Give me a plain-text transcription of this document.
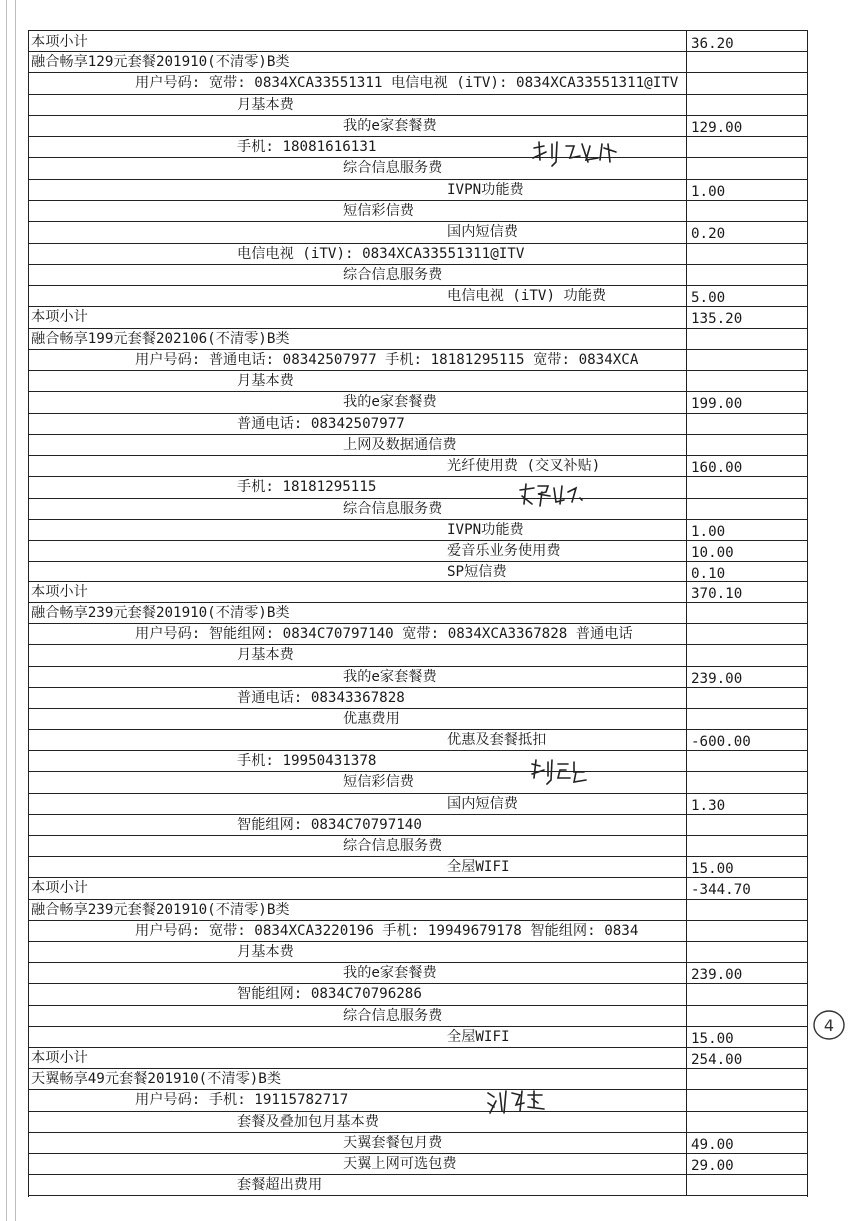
本项小计	36.20
融合畅享129元套餐201910(不清零)B类
用户号码: 宽带: 0834XCA33551311 电信电视 (iTV): 0834XCA33551311@ITV
月基本费
我的e家套餐费	129.00
手机: 18081616131
综合信息服务费
IVPN功能费	1.00
短信彩信费
国内短信费	0.20
电信电视 (iTV): 0834XCA33551311@ITV
综合信息服务费
电信电视 (iTV) 功能费	5.00
本项小计	135.20
融合畅享199元套餐202106(不清零)B类
用户号码: 普通电话: 08342507977 手机: 18181295115 宽带: 0834XCA
月基本费
我的e家套餐费	199.00
普通电话: 08342507977
上网及数据通信费
光纤使用费 (交叉补贴)	160.00
手机: 18181295115
综合信息服务费
IVPN功能费	1.00
爱音乐业务使用费	10.00
SP短信费	0.10
本项小计	370.10
融合畅享239元套餐201910(不清零)B类
用户号码: 智能组网: 0834C70797140 宽带: 0834XCA3367828 普通电话
月基本费
我的e家套餐费	239.00
普通电话: 08343367828
优惠费用
优惠及套餐抵扣	-600.00
手机: 19950431378
短信彩信费
国内短信费	1.30
智能组网: 0834C70797140
综合信息服务费
全屋WIFI	15.00
本项小计	-344.70
融合畅享239元套餐201910(不清零)B类
用户号码: 宽带: 0834XCA3220196 手机: 19949679178 智能组网: 0834
月基本费
我的e家套餐费	239.00
智能组网: 0834C70796286
综合信息服务费
全屋WIFI	15.00
本项小计	254.00
天翼畅享49元套餐201910(不清零)B类
用户号码: 手机: 19115782717
套餐及叠加包月基本费
天翼套餐包月费	49.00
天翼上网可选包费	29.00
套餐超出费用
4
